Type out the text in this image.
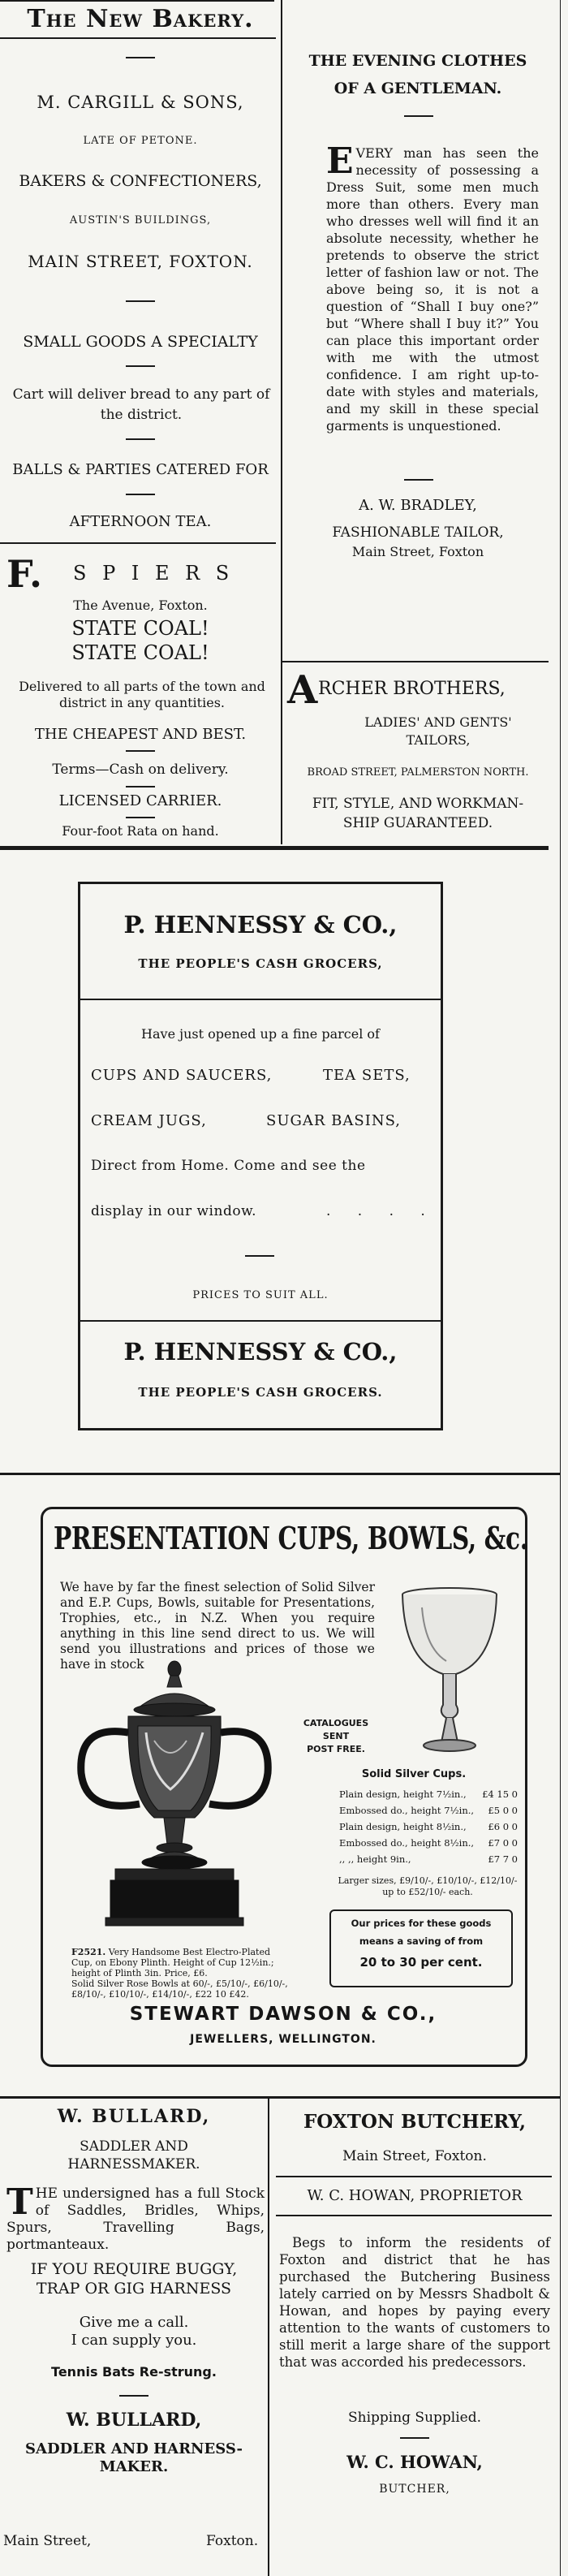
The New Bakery.
M. CARGILL & SONS,
LATE OF PETONE.
BAKERS & CONFECTIONERS,
AUSTIN'S BUILDINGS,
MAIN STREET, FOXTON.
SMALL GOODS A SPECIALTY
Cart will deliver bread to any part of the district.
BALLS & PARTIES CATERED FOR
AFTERNOON TEA.
F. S P I E R S
The Avenue, Foxton.
STATE COAL!
STATE COAL!
Delivered to all parts of the town and district in any quantities.
THE CHEAPEST AND BEST.
Terms—Cash on delivery.
LICENSED CARRIER.
Four-foot Rata on hand.
THE EVENING CLOTHES
OF A GENTLEMAN.
EVERY man has seen the necessity of possessing a Dress Suit, some men much more than others. Every man who dresses well will find it an absolute necessity, whether he pretends to observe the strict letter of fashion law or not. The above being so, it is not a question of “Shall I buy one?” but “Where shall I buy it?” You can place this important order with me with the utmost confidence. I am right up-to-date with styles and materials, and my skill in these special garments is unquestioned.
A. W. BRADLEY,
FASHIONABLE TAILOR,
Main Street, Foxton
A RCHER BROTHERS,
LADIES' AND GENTS'
TAILORS,
BROAD STREET, PALMERSTON NORTH.
FIT, STYLE, AND WORKMAN-
SHIP GUARANTEED.
P. HENNESSY & CO.,
THE PEOPLE'S CASH GROCERS,
Have just opened up a fine parcel of
CUPS AND SAUCERS,	TEA SETS,
CREAM JUGS,	SUGAR BASINS,
Direct from Home. Come and see the
display in our window.	. . . .
PRICES TO SUIT ALL.
P. HENNESSY & CO.,
THE PEOPLE'S CASH GROCERS.
PRESENTATION CUPS, BOWLS, &c.
We have by far the finest selection of Solid Silver and E.P. Cups, Bowls, suitable for Presentations, Trophies, etc., in N.Z. When you require anything in this line send direct to us. We will send you illustrations and prices of those we have in stock
F2521. Very Handsome Best Electro-Plated Cup, on Ebony Plinth. Height of Cup 12½in.; height of Plinth 3in. Price, £6.
Solid Silver Rose Bowls at 60/-, £5/10/-, £6/10/-, £8/10/-, £10/10/-, £14/10/-, £22 10 £42.
CATALOGUES
SENT
POST FREE.
Solid Silver Cups.
Plain design, height 7½in., £4 15 0
Embossed do., height 7½in., £5 0 0
Plain design, height 8½in., £6 0 0
Embossed do., height 8½in., £7 0 0
,, ,, height 9in.,	£7 7 0
Larger sizes, £9/10/-, £10/10/-, £12/10/- up to £52/10/- each.
Our prices for these goods
means a saving of from
20 to 30 per cent.
STEWART DAWSON & CO.,
JEWELLERS, WELLINGTON.
W. BULLARD,
SADDLER AND
HARNESSMAKER.
THE undersigned has a full Stock of Saddles, Bridles, Whips, Spurs, Travelling Bags, portmanteaux.
IF YOU REQUIRE BUGGY,
TRAP OR GIG HARNESS
Give me a call.
I can supply you.
Tennis Bats Re-strung.
W. BULLARD,
SADDLER AND HARNESS-
MAKER.
Main Street,	Foxton.
FOXTON BUTCHERY,
Main Street, Foxton.
W. C. HOWAN, PROPRIETOR
Begs to inform the residents of Foxton and district that he has purchased the Butchering Business lately carried on by Messrs Shadbolt & Howan, and hopes by paying every attention to the wants of customers to still merit a large share of the support that was accorded his predecessors.
Shipping Supplied.
W. C. HOWAN,
BUTCHER,
